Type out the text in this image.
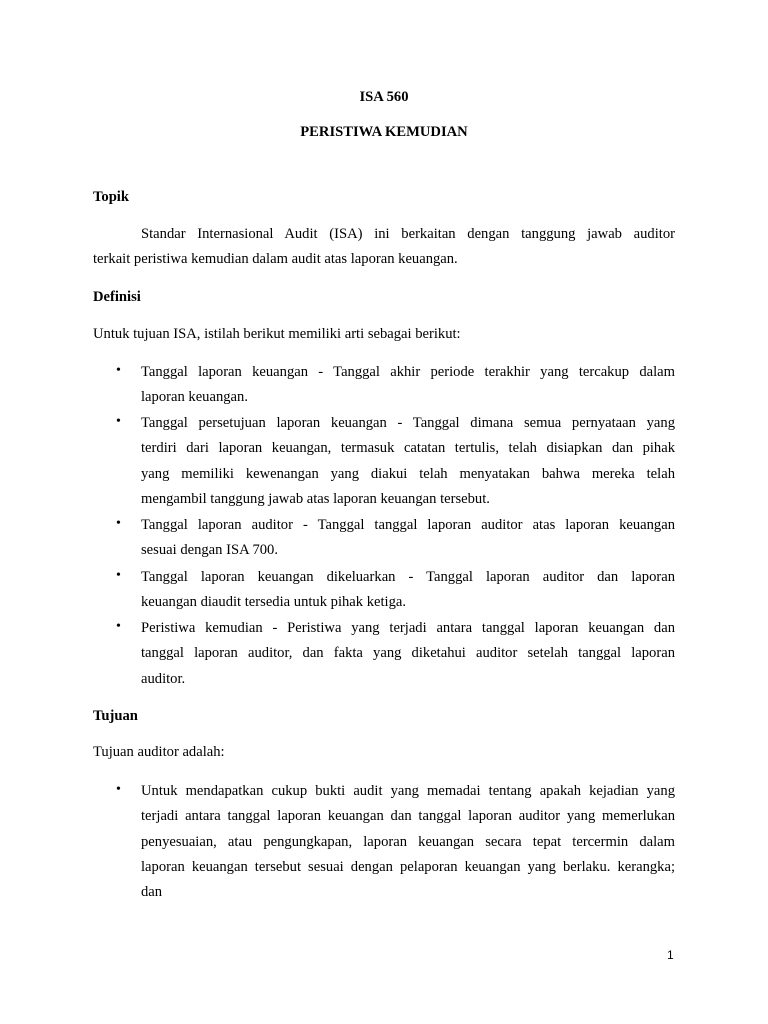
ISA 560
PERISTIWA KEMUDIAN
Topik
Standar Internasional Audit (ISA) ini berkaitan dengan tanggung jawab auditor
terkait peristiwa kemudian dalam audit atas laporan keuangan.
Definisi
Untuk tujuan ISA, istilah berikut memiliki arti sebagai berikut:
• Tanggal laporan keuangan - Tanggal akhir periode terakhir yang tercakup dalam
laporan keuangan.
• Tanggal persetujuan laporan keuangan - Tanggal dimana semua pernyataan yang
terdiri dari laporan keuangan, termasuk catatan tertulis, telah disiapkan dan pihak
yang memiliki kewenangan yang diakui telah menyatakan bahwa mereka telah
mengambil tanggung jawab atas laporan keuangan tersebut.
• Tanggal laporan auditor - Tanggal tanggal laporan auditor atas laporan keuangan
sesuai dengan ISA 700.
• Tanggal laporan keuangan dikeluarkan - Tanggal laporan auditor dan laporan
keuangan diaudit tersedia untuk pihak ketiga.
• Peristiwa kemudian - Peristiwa yang terjadi antara tanggal laporan keuangan dan
tanggal laporan auditor, dan fakta yang diketahui auditor setelah tanggal laporan
auditor.
Tujuan
Tujuan auditor adalah:
• Untuk mendapatkan cukup bukti audit yang memadai tentang apakah kejadian yang
terjadi antara tanggal laporan keuangan dan tanggal laporan auditor yang memerlukan
penyesuaian, atau pengungkapan, laporan keuangan secara tepat tercermin dalam
laporan keuangan tersebut sesuai dengan pelaporan keuangan yang berlaku. kerangka;
dan
1
